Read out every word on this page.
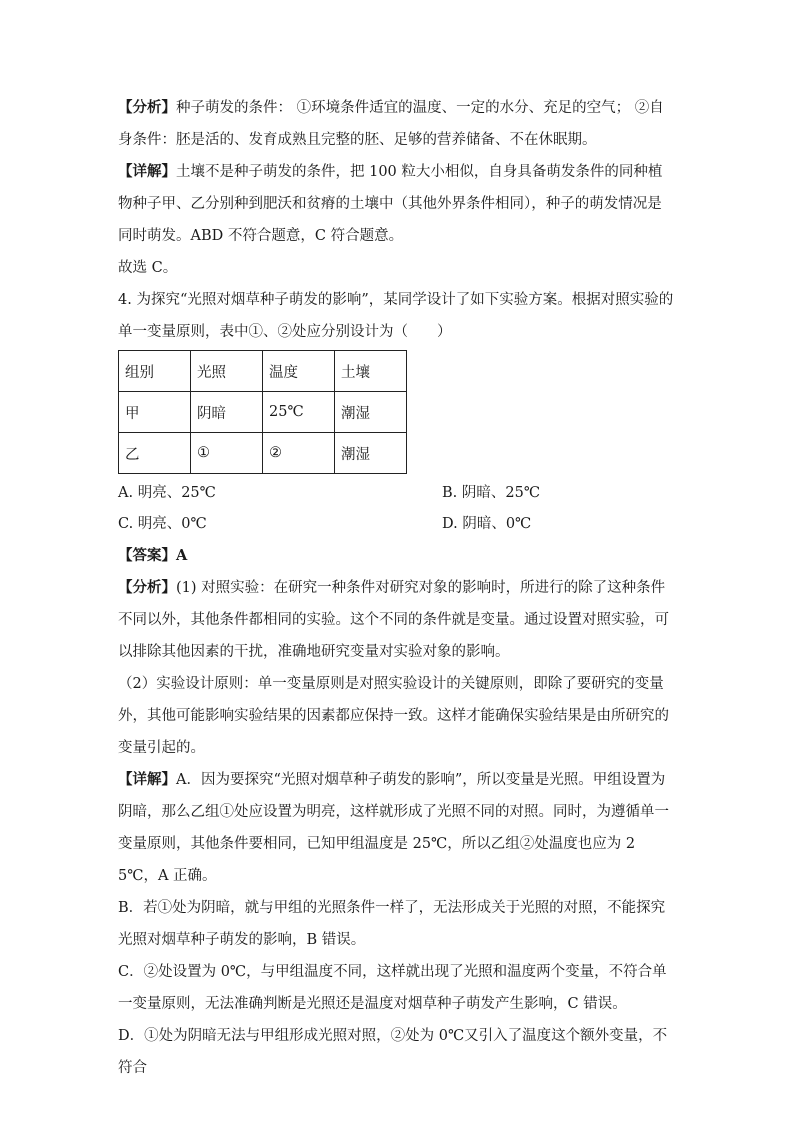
【分析】种子萌发的条件： ①环境条件适宜的温度、一定的水分、充足的空气； ②自身条件：胚是活的、发育成熟且完整的胚、足够的营养储备、不在休眠期。

【详解】土壤不是种子萌发的条件，把 100 粒大小相似，自身具备萌发条件的同种植物种子甲、乙分别种到肥沃和贫瘠的土壤中（其他外界条件相同），种子的萌发情况是同时萌发。ABD 不符合题意，C 符合题意。

故选 C。

4. 为探究“光照对烟草种子萌发的影响”，某同学设计了如下实验方案。根据对照实验的单一变量原则，表中①、②处应分别设计为（　　）

组别	光照	温度	土壤
甲	阴暗	25℃	潮湿
乙	①	②	潮湿
A. 明亮、25℃	B. 阴暗、25℃
C. 明亮、0℃	D. 阴暗、0℃

【答案】A

【分析】(1) 对照实验：在研究一种条件对研究对象的影响时，所进行的除了这种条件不同以外，其他条件都相同的实验。这个不同的条件就是变量。通过设置对照实验，可以排除其他因素的干扰，准确地研究变量对实验对象的影响。

（2）实验设计原则：单一变量原则是对照实验设计的关键原则，即除了要研究的变量外，其他可能影响实验结果的因素都应保持一致。这样才能确保实验结果是由所研究的变量引起的。

【详解】A．因为要探究“光照对烟草种子萌发的影响”，所以变量是光照。甲组设置为阴暗，那么乙组①处应设置为明亮，这样就形成了光照不同的对照。同时，为遵循单一变量原则，其他条件要相同，已知甲组温度是 25℃，所以乙组②处温度也应为 25℃，A 正确。

B．若①处为阴暗，就与甲组的光照条件一样了，无法形成关于光照的对照，不能探究光照对烟草种子萌发的影响，B 错误。

C．②处设置为 0℃，与甲组温度不同，这样就出现了光照和温度两个变量，不符合单一变量原则，无法准确判断是光照还是温度对烟草种子萌发产生影响，C 错误。

D．①处为阴暗无法与甲组形成光照对照，②处为 0℃又引入了温度这个额外变量，不符合
